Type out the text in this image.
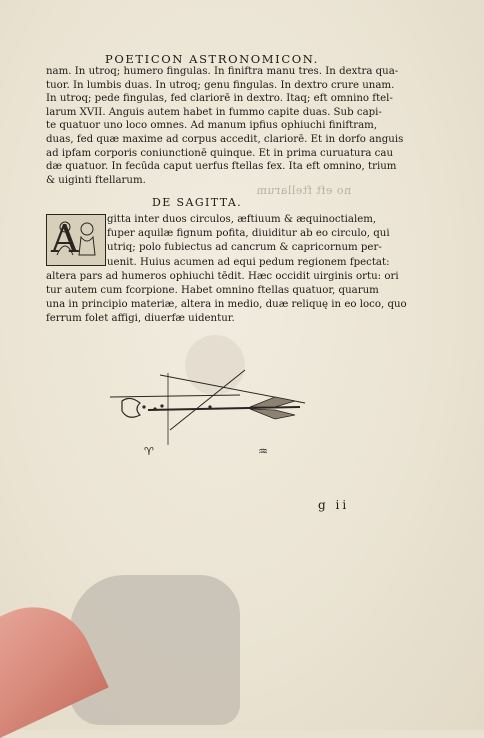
POETICON ASTRONOMICON.
nam. In utroq; humero fingulas. In finiftra manu tres. In dextra qua-
tuor. In lumbis duas. In utroq; genu fingulas. In dextro crure unam.
In utroq; pede fingulas, fed clariorē in dextro. Itaq; eft omnino ftel-
larum XVII. Anguis autem habet in fummo capite duas. Sub capi-
te quatuor uno loco omnes. Ad manum ipfius ophiuchi finiftram,
duas, fed quæ maxime ad corpus accedit, clariorē. Et in dorfo anguis
ad ipfam corporis coniunctionē quinque. Et in prima curuatura cau
dæ quatuor. In fecūda caput uerfus ftellas fex. Ita eft omnino, trium
& uiginti ftellarum.
no eft ftellarum
DE SAGITTA.
A	gitta inter duos circulos, æftiuum & æquinoctialem,
fuper aquilæ fignum pofita, diuiditur ab eo circulo, qui
utriq; polo fubiectus ad cancrum & capricornum per-
uenit. Huius acumen ad equi pedum regionem fpectat:
altera pars ad humeros ophiuchi tēdit. Hæc occidit uirginis ortu: ori
tur autem cum fcorpione. Habet omnino ftellas quatuor, quarum
una in principio materiæ, altera in medio, duæ reliquę in eo loco, quo
ferrum folet affigi, diuerfæ uidentur.
♈	♒
g ii
